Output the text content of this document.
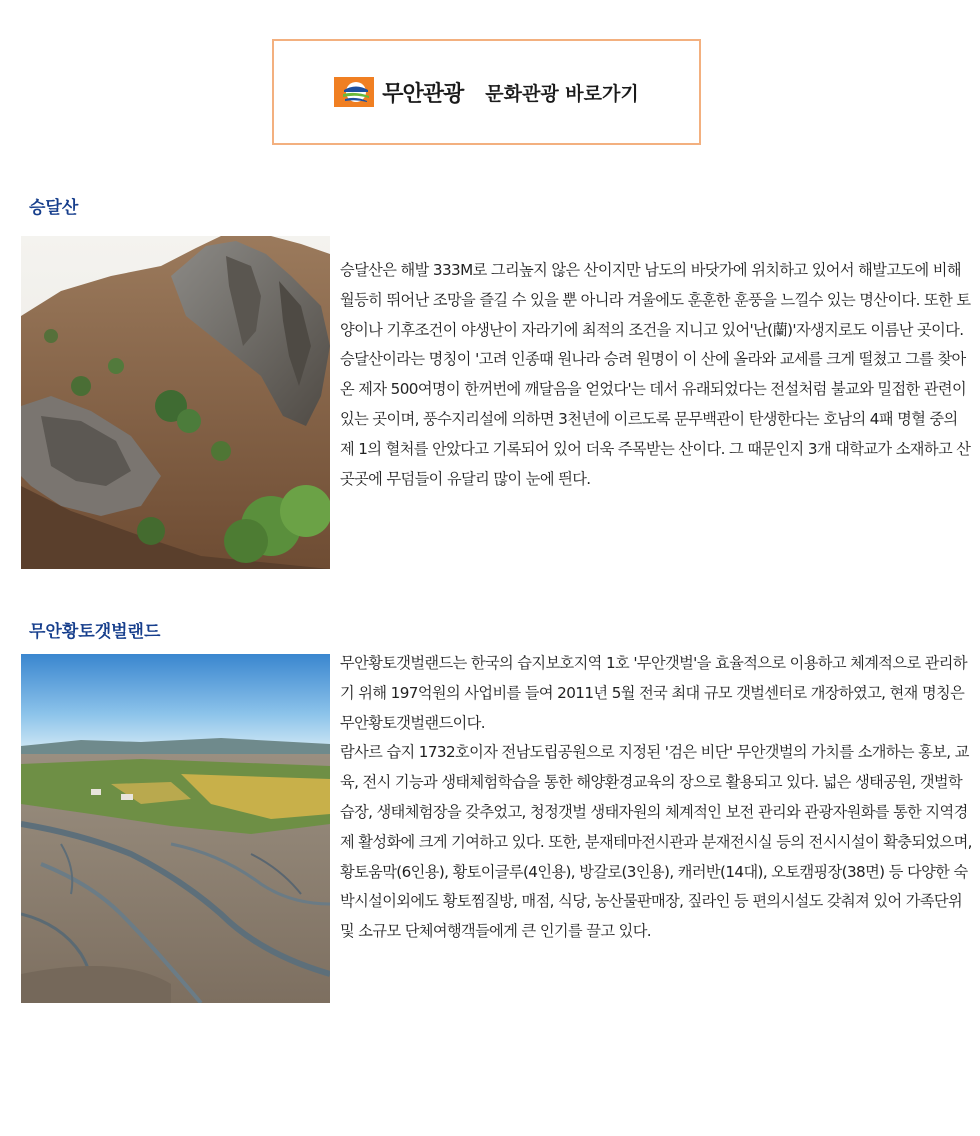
무안관광 문화관광 바로가기
승달산

승달산은 해발 333M로 그리높지 않은 산이지만 남도의 바닷가에 위치하고 있어서 해발고도에 비해 월등히 뛰어난 조망을 즐길 수 있을 뿐 아니라 겨울에도 훈훈한 훈풍을 느낄수 있는 명산이다. 또한 토양이나 기후조건이 야생난이 자라기에 최적의 조건을 지니고 있어'난(蘭)'자생지로도 이름난 곳이다. 승달산이라는 명칭이 '고려 인종때 원나라 승려 원명이 이 산에 올라와 교세를 크게 떨쳤고 그를 찾아온 제자 500여명이 한꺼번에 깨달음을 얻었다'는 데서 유래되었다는 전설처럼 불교와 밀접한 관련이 있는 곳이며, 풍수지리설에 의하면 3천년에 이르도록 문무백관이 탄생한다는 호남의 4패 명혈 중의 제 1의 혈처를 안았다고 기록되어 있어 더욱 주목받는 산이다. 그 때문인지 3개 대학교가 소재하고 산 곳곳에 무덤들이 유달리 많이 눈에 띈다.

무안황토갯벌랜드

무안황토갯벌랜드는 한국의 습지보호지역 1호 '무안갯벌'을 효율적으로 이용하고 체계적으로 관리하기 위해 197억원의 사업비를 들여 2011년 5월 전국 최대 규모 갯벌센터로 개장하였고, 현재 명칭은 무안황토갯벌랜드이다.

람사르 습지 1732호이자 전남도립공원으로 지정된 '검은 비단' 무안갯벌의 가치를 소개하는 홍보, 교육, 전시 기능과 생태체험학습을 통한 해양환경교육의 장으로 활용되고 있다. 넓은 생태공원, 갯벌학습장, 생태체험장을 갖추었고, 청정갯벌 생태자원의 체계적인 보전 관리와 관광자원화를 통한 지역경제 활성화에 크게 기여하고 있다. 또한, 분재테마전시관과 분재전시실 등의 전시시설이 확충되었으며, 황토움막(6인용), 황토이글루(4인용), 방갈로(3인용), 캐러반(14대), 오토캠핑장(38면) 등 다양한 숙박시설이외에도 황토찜질방, 매점, 식당, 농산물판매장, 짚라인 등 편의시설도 갖춰져 있어 가족단위 및 소규모 단체여행객들에게 큰 인기를 끌고 있다.
